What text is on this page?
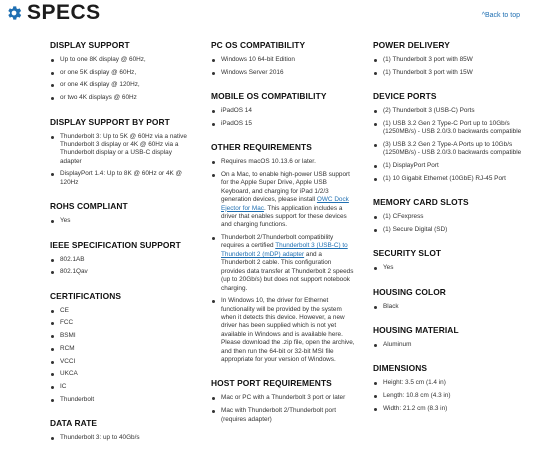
SPECS	^Back to top
DISPLAY SUPPORT
Up to one 8K display @ 60Hz,
or one 5K display @ 60Hz,
or one 4K display @ 120Hz,
or two 4K displays @ 60Hz
DISPLAY SUPPORT BY PORT
Thunderbolt 3: Up to 5K @ 60Hz via a native Thunderbolt 3 display or 4K @ 60Hz via a Thunderbolt display or a USB-C display adapter
DisplayPort 1.4: Up to 8K @ 60Hz or 4K @ 120Hz
ROHS COMPLIANT
Yes
IEEE SPECIFICATION SUPPORT
802.1AB
802.1Qav
CERTIFICATIONS
CE
FCC
BSMI
RCM
VCCI
UKCA
IC
Thunderbolt
DATA RATE
Thunderbolt 3: up to 40Gb/s
PC OS COMPATIBILITY
Windows 10 64-bit Edition
Windows Server 2016
MOBILE OS COMPATIBILITY
iPadOS 14
iPadOS 15
OTHER REQUIREMENTS
Requires macOS 10.13.6 or later.
On a Mac, to enable high-power USB support for the Apple Super Drive, Apple USB Keyboard, and charging for iPad 1/2/3 generation devices, please install OWC Dock Ejector for Mac. This application includes a driver that enables support for these devices and charging functions.
Thunderbolt 2/Thunderbolt compatibility requires a certified Thunderbolt 3 (USB-C) to Thunderbolt 2 (mDP) adapter and a Thunderbolt 2 cable. This configuration provides data transfer at Thunderbolt 2 speeds (up to 20Gb/s) but does not support notebook charging.
In Windows 10, the driver for Ethernet functionality will be provided by the system when it detects this device. However, a new driver has been supplied which is not yet available in Windows and is available here. Please download the .zip file, open the archive, and then run the 64-bit or 32-bit MSI file appropriate for your version of Windows.
HOST PORT REQUIREMENTS
Mac or PC with a Thunderbolt 3 port or later
Mac with Thunderbolt 2/Thunderbolt port (requires adapter)
POWER DELIVERY
(1) Thunderbolt 3 port with 85W
(1) Thunderbolt 3 port with 15W
DEVICE PORTS
(2) Thunderbolt 3 (USB-C) Ports
(1) USB 3.2 Gen 2 Type-C Port up to 10Gb/s (1250MB/s) - USB 2.0/3.0 backwards compatible
(3) USB 3.2 Gen 2 Type-A Ports up to 10Gb/s (1250MB/s) - USB 2.0/3.0 backwards compatible
(1) DisplayPort Port
(1) 10 Gigabit Ethernet (10GbE) RJ-45 Port
MEMORY CARD SLOTS
(1) CFexpress
(1) Secure Digital (SD)
SECURITY SLOT
Yes
HOUSING COLOR
Black
HOUSING MATERIAL
Aluminum
DIMENSIONS
Height: 3.5 cm (1.4 in)
Length: 10.8 cm (4.3 in)
Width: 21.2 cm (8.3 in)
